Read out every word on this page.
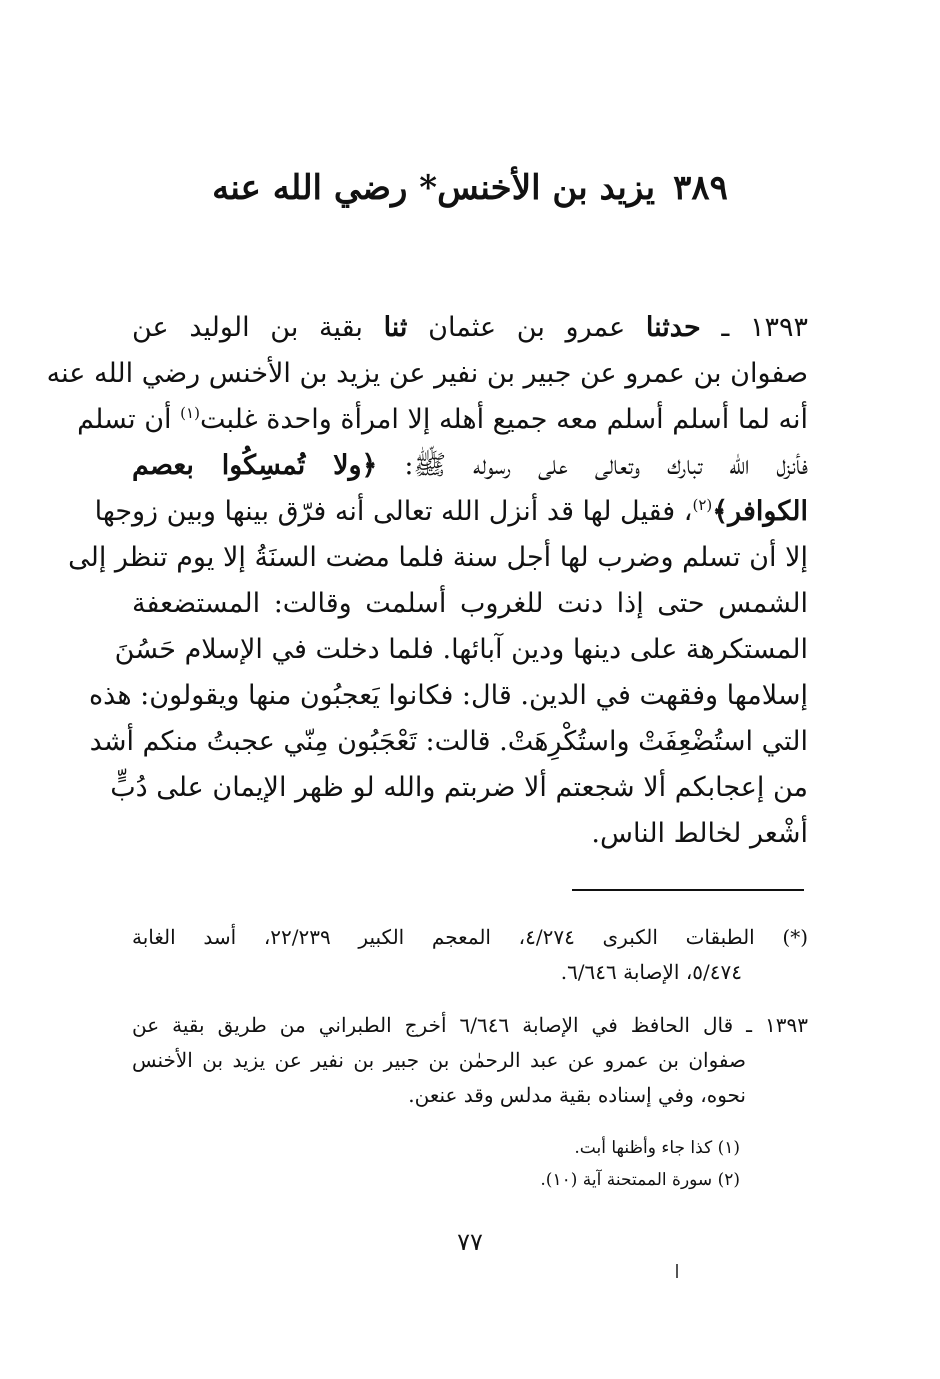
٣٨٩يزيد بن الأخنس* رضي الله عنه
١٣٩٣ ـ حدثنا عمرو بن عثمان ثنا بقية بن الوليد عن
صفوان بن عمرو عن جبير بن نفير عن يزيد بن الأخنس رضي الله عنه
أنه لما أسلم أسلم معه جميع أهله إلا امرأة واحدة غلبت$^{(١)}$ أن تسلم
فأنزل الله تبارك وتعالى على رسوله ﷺ: ﴿ولا تُمسِكُوا بعصم
الكوافر﴾$^{(٢)}$، فقيل لها قد أنزل الله تعالى أنه فرّق بينها وبين زوجها
إلا أن تسلم وضرب لها أجل سنة فلما مضت السنَةُ إلا يوم تنظر إلى
الشمس حتى إذا دنت للغروب أسلمت وقالت: المستضعفة
المستكرهة على دينها ودين آبائها. فلما دخلت في الإسلام حَسُنَ
إسلامها وفقهت في الدين. قال: فكانوا يَعجبُون منها ويقولون: هذه
التي استُضْعِفَتْ واستُكْرِهَتْ. قالت: تَعْجَبُون مِنّي عجبتُ منكم أشد
من إعجابكم ألا شجعتم ألا ضربتم والله لو ظهر الإيمان على دُبٍّ
أشْعر لخالط الناس.
(*) الطبقات الكبرى ٤/٢٧٤، المعجم الكبير ٢٢/٢٣٩، أسد الغابة
٥/٤٧٤، الإصابة ٦/٦٤٦.
١٣٩٣ ـ قال الحافظ في الإصابة ٦/٦٤٦ أخرج الطبراني من طريق بقية عن
صفوان بن عمرو عن عبد الرحمٰن بن جبير بن نفير عن يزيد بن الأخنس
نحوه، وفي إسناده بقية مدلس وقد عنعن.
(١) كذا جاء وأظنها أبت.
(٢) سورة الممتحنة آية (١٠).
٧٧
